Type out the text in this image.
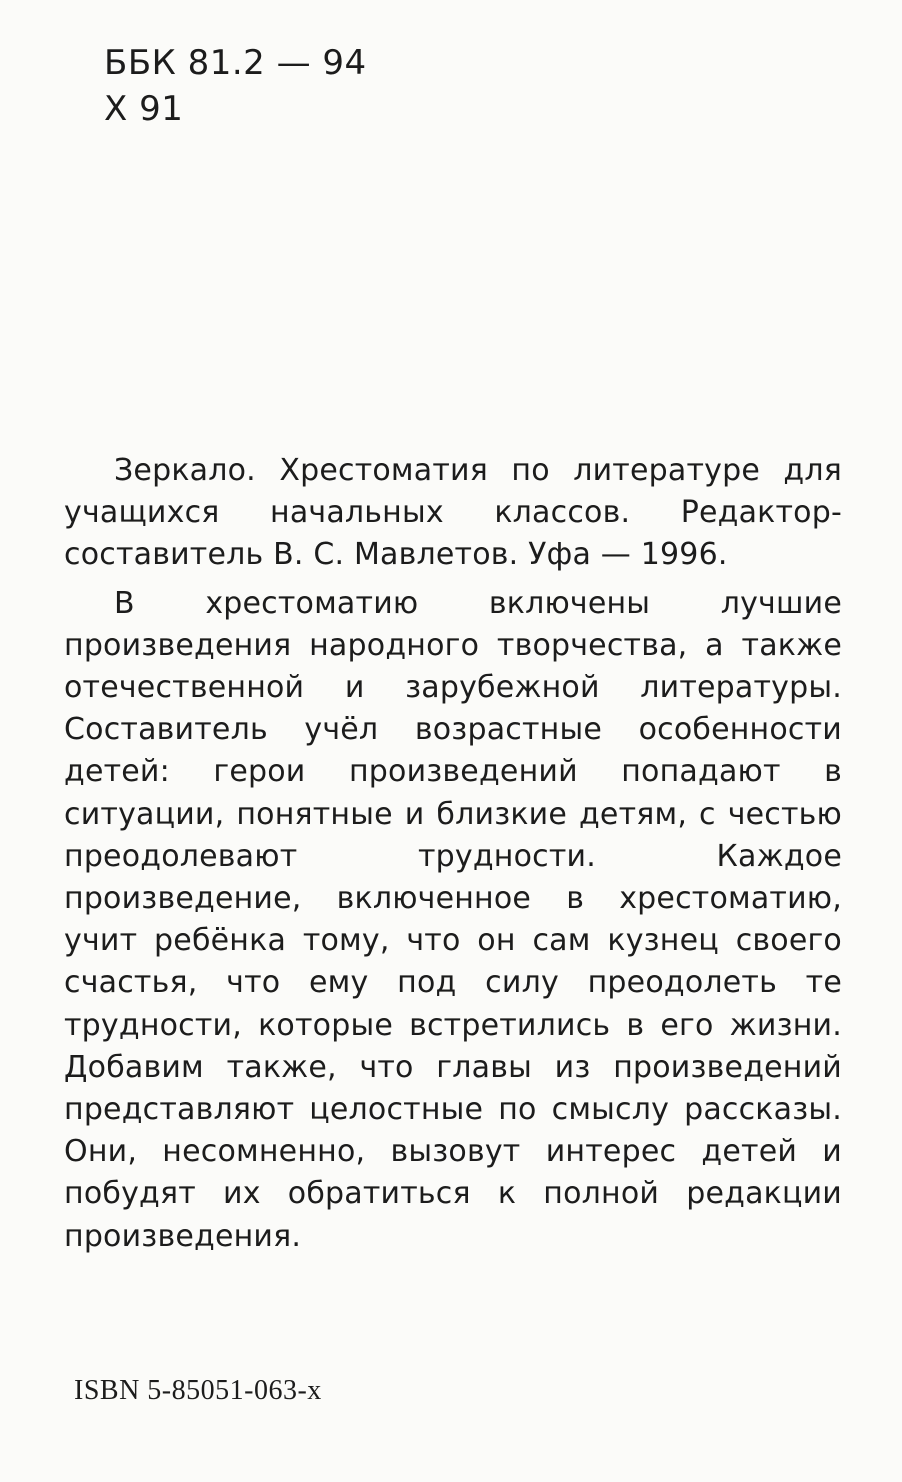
ББК 81.2 — 94
Х 91

Зеркало. Хрестоматия по литературе для учащихся начальных классов. Редактор-составитель В. С. Мавлетов. Уфа — 1996.

В хрестоматию включены лучшие произведения народного творчества, а также отечественной и зарубежной литературы. Составитель учёл возрастные особенности детей: герои произведений попадают в ситуации, понятные и близкие детям, с честью преодолевают трудности. Каждое произведение, включенное в хрестоматию, учит ребёнка тому, что он сам кузнец своего счастья, что ему под силу преодолеть те трудности, которые встретились в его жизни. Добавим также, что главы из произведений представляют целостные по смыслу рассказы. Они, несомненно, вызовут интерес детей и побудят их обратиться к полной редакции произведения.

ISBN 5-85051-063-x
